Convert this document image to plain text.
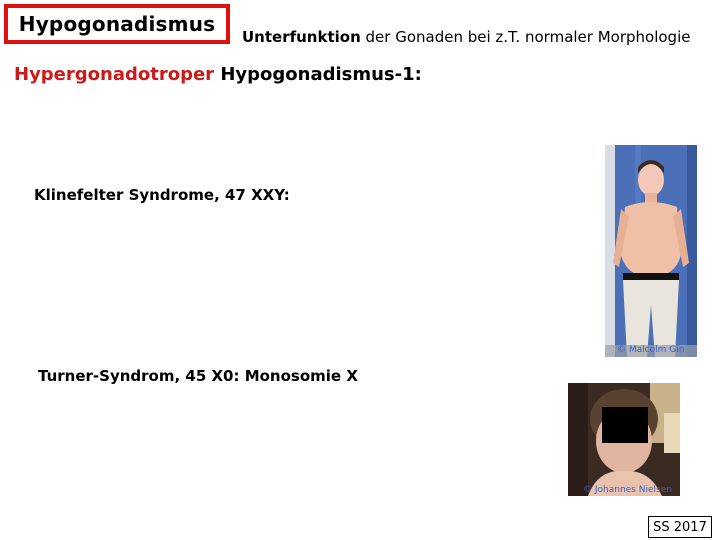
Hypogonadismus
Unterfunktion der Gonaden bei z.T. normaler Morphologie
Hypergonadotroper Hypogonadismus-1:
Klinefelter Syndrome, 47 XXY:
Turner-Syndrom, 45 X0: Monosomie X
© Malcolm Gin
© Johannes Nielsen
SS 2017
